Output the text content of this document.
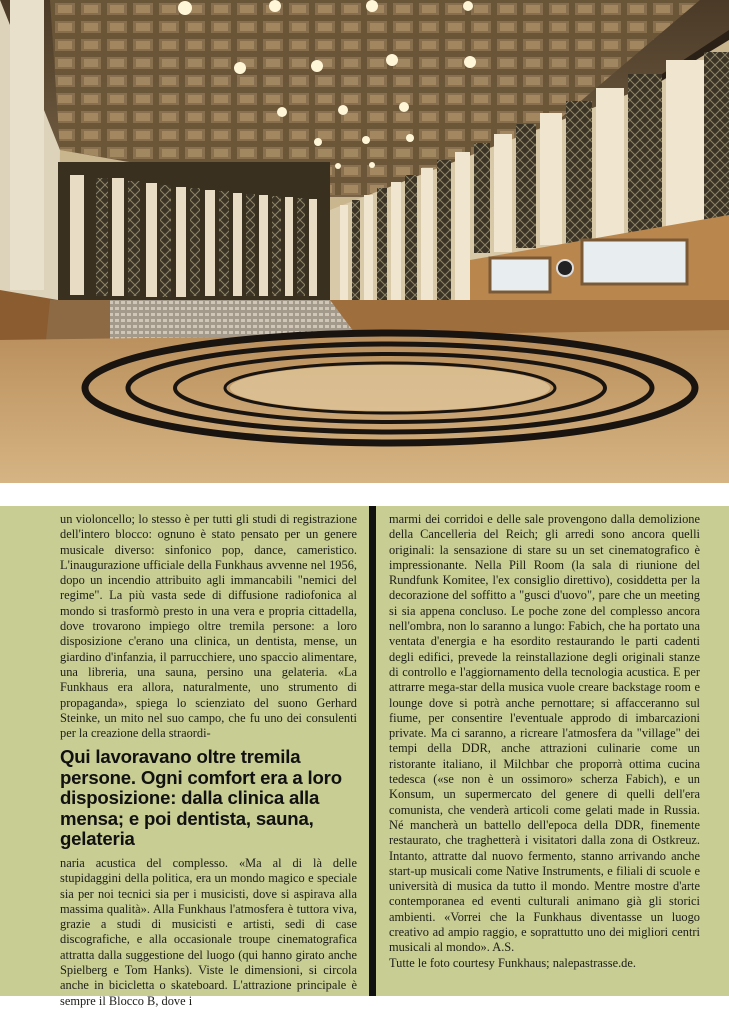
un violoncello; lo stesso è per tutti gli studi di registrazione dell'intero blocco: ognuno è stato pensato per un genere musicale diverso: sinfonico pop, dance, cameristico. L'inaugurazione ufficiale della Funkhaus avvenne nel 1956, dopo un incendio attribuito agli immancabili "nemici del regime". La più vasta sede di diffusione radiofonica al mondo si trasformò presto in una vera e propria cittadella, dove trovarono impiego oltre tremila persone: a loro disposizione c'erano una clinica, un dentista, mense, un giardino d'infanzia, il parrucchiere, uno spaccio alimentare, una libreria, una sauna, persino una gelateria. «La Funkhaus era allora, naturalmente, uno strumento di propaganda», spiega lo scienziato del suono Gerhard Steinke, un mito nel suo campo, che fu uno dei consulenti per la creazione della straordi-

Qui lavoravano oltre tremila persone. Ogni comfort era a loro disposizione: dalla clinica alla mensa; e poi dentista, sauna, gelateria

naria acustica del complesso. «Ma al di là delle stupidaggini della politica, era un mondo magico e speciale sia per noi tecnici sia per i musicisti, dove si aspirava alla massima qualità». Alla Funkhaus l'atmosfera è tuttora viva, grazie a studi di musicisti e artisti, sedi di case discografiche, e alla occasionale troupe cinematografica attratta dalla suggestione del luogo (qui hanno girato anche Spielberg e Tom Hanks). Viste le dimensioni, si circola anche in bicicletta o skateboard. L'attrazione principale è sempre il Blocco B, dove i

marmi dei corridoi e delle sale provengono dalla demolizione della Cancelleria del Reich; gli arredi sono ancora quelli originali: la sensazione di stare su un set cinematografico è impressionante. Nella Pill Room (la sala di riunione del Rundfunk Komitee, l'ex consiglio direttivo), cosiddetta per la decorazione del soffitto a "gusci d'uovo", pare che un meeting si sia appena concluso. Le poche zone del complesso ancora nell'ombra, non lo saranno a lungo: Fabich, che ha portato una ventata d'energia e ha esordito restaurando le parti cadenti degli edifici, prevede la reinstallazione degli originali stanze di controllo e l'aggiornamento della tecnologia acustica. E per attrarre mega-star della musica vuole creare backstage room e lounge dove si potrà anche pernottare; si affacceranno sul fiume, per consentire l'eventuale approdo di imbarcazioni private. Ma ci saranno, a ricreare l'atmosfera da "village" dei tempi della DDR, anche attrazioni culinarie come un ristorante italiano, il Milchbar che proporrà ottima cucina tedesca («se non è un ossimoro» scherza Fabich), e un Konsum, un supermercato del genere di quelli dell'era comunista, che venderà articoli come gelati made in Russia. Né mancherà un battello dell'epoca della DDR, finemente restaurato, che traghetterà i visitatori dalla zona di Ostkreuz. Intanto, attratte dal nuovo fermento, stanno arrivando anche start-up musicali come Native Instruments, e filiali di scuole e università di musica da tutto il mondo. Mentre mostre d'arte contemporanea ed eventi culturali animano già gli storici ambienti. «Vorrei che la Funkhaus diventasse un luogo creativo ad ampio raggio, e soprattutto uno dei migliori centri musicali al mondo». A.S.

Tutte le foto courtesy Funkhaus; nalepastrasse.de.
